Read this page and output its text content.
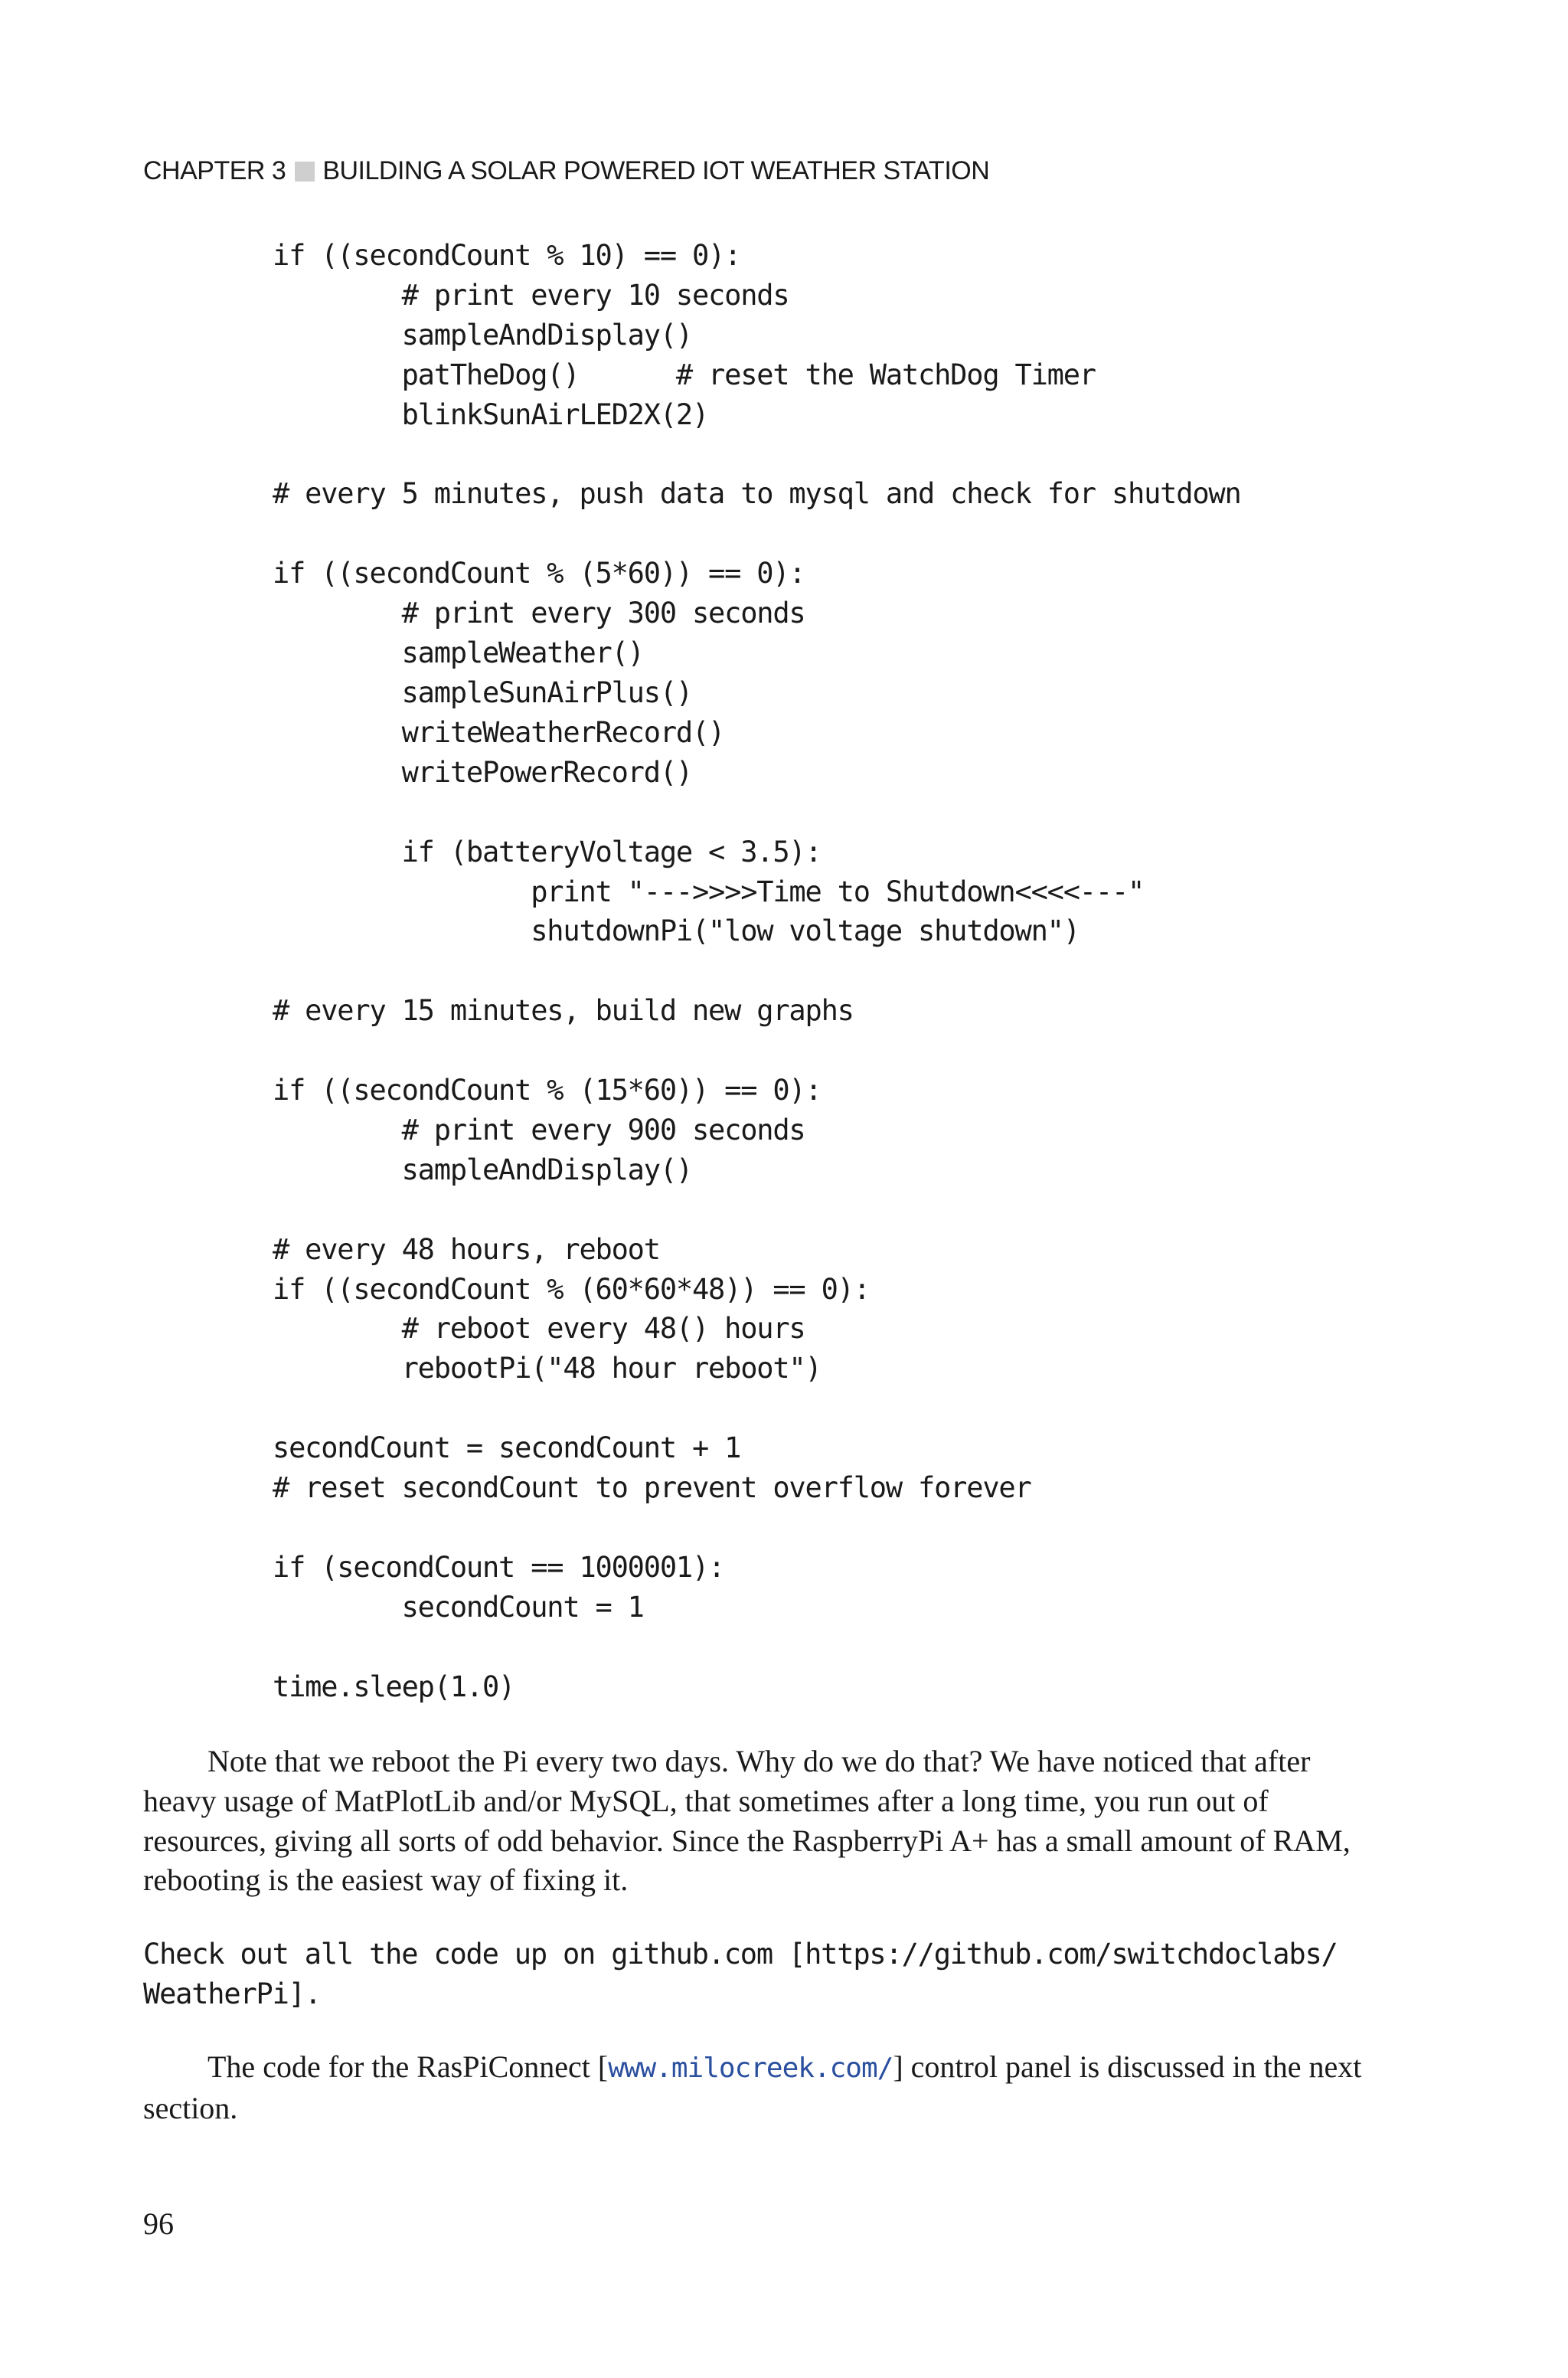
CHAPTER 3 BUILDING A SOLAR POWERED IOT WEATHER STATION
if ((secondCount % 10) == 0):
# print every 10 seconds
sampleAndDisplay()
patTheDog()      # reset the WatchDog Timer
blinkSunAirLED2X(2)

# every 5 minutes, push data to mysql and check for shutdown

if ((secondCount % (5*60)) == 0):
# print every 300 seconds
sampleWeather()
sampleSunAirPlus()
writeWeatherRecord()
writePowerRecord()

if (batteryVoltage < 3.5):
print "--->>>>Time to Shutdown<<<<---"
shutdownPi("low voltage shutdown")

# every 15 minutes, build new graphs

if ((secondCount % (15*60)) == 0):
# print every 900 seconds
sampleAndDisplay()

# every 48 hours, reboot
if ((secondCount % (60*60*48)) == 0):
# reboot every 48() hours
rebootPi("48 hour reboot")

secondCount = secondCount + 1
# reset secondCount to prevent overflow forever

if (secondCount == 1000001):
secondCount = 1

time.sleep(1.0)

Note that we reboot the Pi every two days. Why do we do that? We have noticed that after heavy usage of MatPlotLib and/or MySQL, that sometimes after a long time, you run out of resources, giving all sorts of odd behavior. Since the RaspberryPi A+ has a small amount of RAM, rebooting is the easiest way of fixing it.

Check out all the code up on github.com [https://github.com/switchdoclabs/
WeatherPi].

The code for the RasPiConnect [www.milocreek.com/] control panel is discussed in the next section.

96
